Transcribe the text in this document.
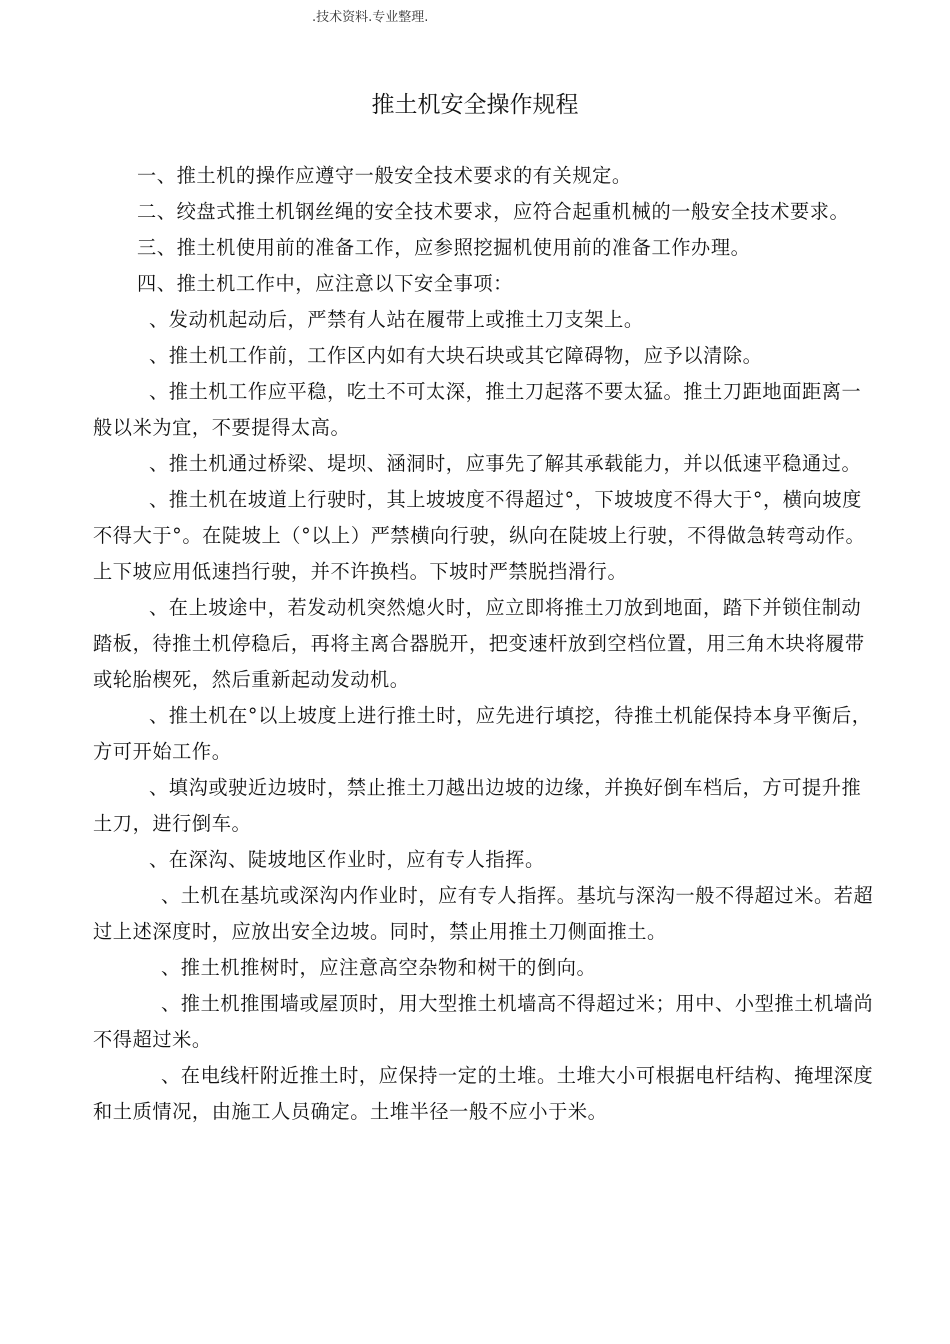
.技术资料.专业整理.
推土机安全操作规程

一、推土机的操作应遵守一般安全技术要求的有关规定。

二、绞盘式推土机钢丝绳的安全技术要求，应符合起重机械的一般安全技术要求。

三、推土机使用前的准备工作，应参照挖掘机使用前的准备工作办理。

四、推土机工作中，应注意以下安全事项：

、发动机起动后，严禁有人站在履带上或推土刀支架上。

、推土机工作前，工作区内如有大块石块或其它障碍物，应予以清除。

、推土机工作应平稳，吃土不可太深，推土刀起落不要太猛。推土刀距地面距离一般以米为宜，不要提得太高。

、推土机通过桥梁、堤坝、涵洞时，应事先了解其承载能力，并以低速平稳通过。

、推土机在坡道上行驶时，其上坡坡度不得超过°，下坡坡度不得大于°，横向坡度不得大于°。在陡坡上（°以上）严禁横向行驶，纵向在陡坡上行驶，不得做急转弯动作。上下坡应用低速挡行驶，并不许换档。下坡时严禁脱挡滑行。

、在上坡途中，若发动机突然熄火时，应立即将推土刀放到地面，踏下并锁住制动踏板，待推土机停稳后，再将主离合器脱开，把变速杆放到空档位置，用三角木块将履带或轮胎楔死，然后重新起动发动机。

、推土机在°以上坡度上进行推土时，应先进行填挖，待推土机能保持本身平衡后，方可开始工作。

、填沟或驶近边坡时，禁止推土刀越出边坡的边缘，并换好倒车档后，方可提升推土刀，进行倒车。

、在深沟、陡坡地区作业时，应有专人指挥。

、土机在基坑或深沟内作业时，应有专人指挥。基坑与深沟一般不得超过米。若超过上述深度时，应放出安全边坡。同时，禁止用推土刀侧面推土。

、推土机推树时，应注意高空杂物和树干的倒向。

、推土机推围墙或屋顶时，用大型推土机墙高不得超过米；用中、小型推土机墙尚不得超过米。

、在电线杆附近推土时，应保持一定的土堆。土堆大小可根据电杆结构、掩埋深度和土质情况，由施工人员确定。土堆半径一般不应小于米。
